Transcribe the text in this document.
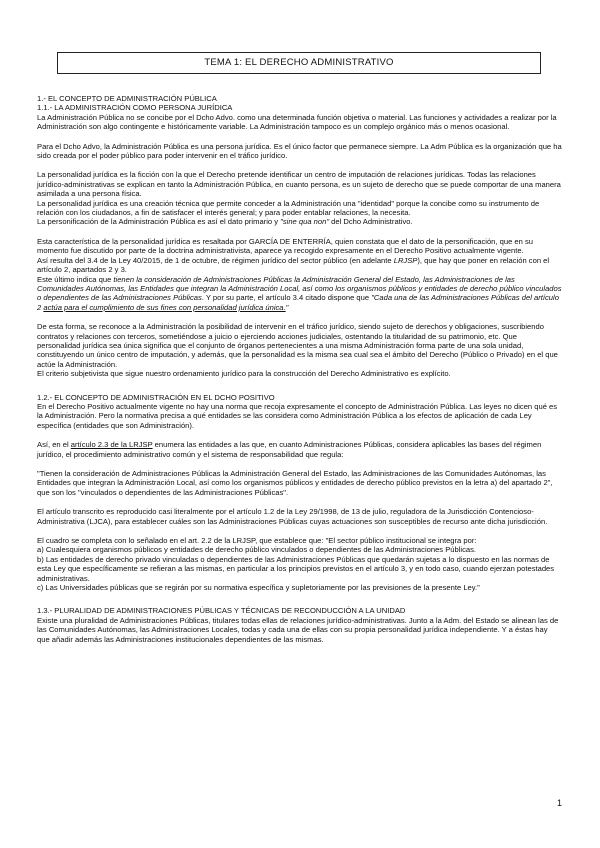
TEMA 1: EL DERECHO ADMINISTRATIVO

1.- EL CONCEPTO DE ADMINISTRACIÓN PÚBLICA

1.1.- LA ADMINISTRACIÓN COMO PERSONA JURÍDICA

La Administración Pública no se concibe por el Dcho Advo. como una determinada función objetiva o material. Las funciones y actividades a realizar por la Administración son algo contingente e históricamente variable. La Administración tampoco es un complejo orgánico más o menos ocasional.

Para el Dcho Advo, la Administración Pública es una persona jurídica. Es el único factor que permanece siempre. La Adm Pública es la organización que ha sido creada por el poder público para poder intervenir en el tráfico jurídico.

La personalidad jurídica es la ficción con la que el Derecho pretende identificar un centro de imputación de relaciones jurídicas. Todas las relaciones jurídico-administrativas se explican en tanto la Administración Pública, en cuanto persona, es un sujeto de derecho que se puede comportar de una manera asimilada a una persona física.

La personalidad jurídica es una creación técnica que permite conceder a la Administración una "identidad" porque la concibe como su instrumento de relación con los ciudadanos, a fin de satisfacer el interés general; y para poder entablar relaciones, la necesita.

La personificación de la Administración Pública es así el dato primario y "sine qua non" del Dcho Administrativo.

Esta característica de la personalidad jurídica es resaltada por GARCÍA DE ENTERRÍA, quien constata que el dato de la personificación, que en su momento fue discutido por parte de la doctrina administrativista, aparece ya recogido expresamente en el Derecho Positivo actualmente vigente.

Así resulta del 3.4 de la Ley 40/2015, de 1 de octubre, de régimen jurídico del sector público (en adelante LRJSP), que hay que poner en relación con el artículo 2, apartados 2 y 3.

Este último indica que tienen la consideración de Administraciones Públicas la Administración General del Estado, las Administraciones de las Comunidades Autónomas, las Entidades que integran la Administración Local, así como los organismos públicos y entidades de derecho público vinculados o dependientes de las Administraciones Públicas. Y por su parte, el artículo 3.4 citado dispone que "Cada una de las Administraciones Públicas del artículo 2 actúa para el cumplimiento de sus fines con personalidad jurídica única."

De esta forma, se reconoce a la Administración la posibilidad de intervenir en el tráfico jurídico, siendo sujeto de derechos y obligaciones, suscribiendo contratos y relaciones con terceros, sometiéndose a juicio o ejerciendo acciones judiciales, ostentando la titularidad de su patrimonio, etc. Que personalidad jurídica sea única significa que el conjunto de órganos pertenecientes a una misma Administración forma parte de una sola unidad, constituyendo un único centro de imputación, y además, que la personalidad es la misma sea cual sea el ámbito del Derecho (Público o Privado) en el que actúe la Administración.

El criterio subjetivista que sigue nuestro ordenamiento jurídico para la construcción del Derecho Administrativo es explícito.

1.2.- EL CONCEPTO DE ADMINISTRACIÓN EN EL DCHO POSITIVO

En el Derecho Positivo actualmente vigente no hay una norma que recoja expresamente el concepto de Administración Pública. Las leyes no dicen qué es la Administración. Pero la normativa precisa a qué entidades se las considera como Administración Pública a los efectos de aplicación de cada Ley específica (entidades que son Administración).

Así, en el artículo 2.3 de la LRJSP enumera las entidades a las que, en cuanto Administraciones Públicas, considera aplicables las bases del régimen jurídico, el procedimiento administrativo común y el sistema de responsabilidad que regula:

"Tienen la consideración de Administraciones Públicas la Administración General del Estado, las Administraciones de las Comunidades Autónomas, las Entidades que integran la Administración Local, así como los organismos públicos y entidades de derecho público previstos en la letra a) del apartado 2", que son los "vinculados o dependientes de las Administraciones Públicas".

El artículo transcrito es reproducido casi literalmente por el artículo 1.2 de la Ley 29/1998, de 13 de julio, reguladora de la Jurisdicción Contencioso- Administrativa (LJCA), para establecer cuáles son las Administraciones Públicas cuyas actuaciones son susceptibles de recurso ante dicha jurisdicción.

El cuadro se completa con lo señalado en el art. 2.2 de la LRJSP, que establece que: "El sector público institucional se integra por:

a) Cualesquiera organismos públicos y entidades de derecho público vinculados o dependientes de las Administraciones Públicas.

b) Las entidades de derecho privado vinculadas o dependientes de las Administraciones Públicas que quedarán sujetas a lo dispuesto en las normas de esta Ley que específicamente se refieran a las mismas, en particular a los principios previstos en el artículo 3, y en todo caso, cuando ejerzan potestades administrativas.

c) Las Universidades públicas que se regirán por su normativa específica y supletoriamente por las previsiones de la presente Ley."

1.3.- PLURALIDAD DE ADMINISTRACIONES PÚBLICAS Y TÉCNICAS DE RECONDUCCIÓN A LA UNIDAD

Existe una pluralidad de Administraciones Públicas, titulares todas ellas de relaciones jurídico-administrativas. Junto a la Adm. del Estado se alinean las de las Comunidades Autónomas, las Administraciones Locales, todas y cada una de ellas con su propia personalidad jurídica independiente. Y a éstas hay que añadir además las Administraciones institucionales dependientes de las mismas.

1
